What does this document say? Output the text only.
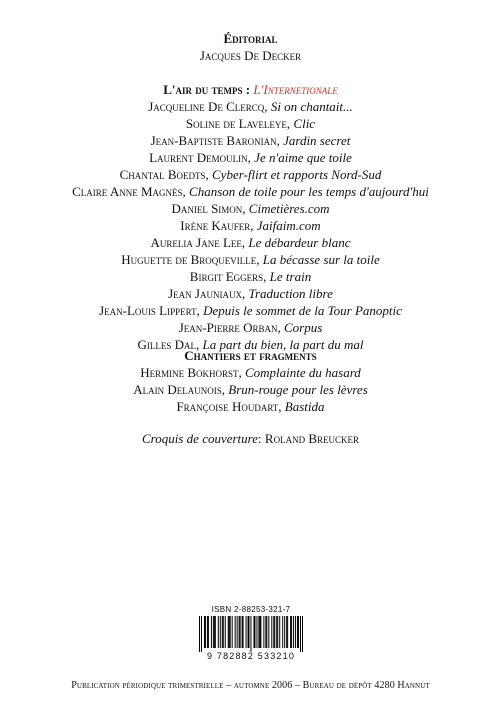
Éditorial
Jacques De Decker
L'air du temps : L'Internetionale
Jacqueline De Clercq, Si on chantait...
Soline de Laveleye, Clic
Jean-Baptiste Baronian, Jardin secret
Laurent Demoulin, Je n'aime que toile
Chantal Boedts, Cyber-flirt et rapports Nord-Sud
Claire Anne Magnès, Chanson de toile pour les temps d'aujourd'hui
Daniel Simon, Cimetières.com
Irène Kaufer, Jaifaim.com
Aurelia Jane Lee, Le débardeur blanc
Huguette de Broqueville, La bécasse sur la toile
Birgit Eggers, Le train
Jean Jauniaux, Traduction libre
Jean-Louis Lippert, Depuis le sommet de la Tour Panoptic
Jean-Pierre Orban, Corpus
Gilles Dal, La part du bien, la part du mal
Chantiers et fragments
Hermine Bokhorst, Complainte du hasard
Alain Delaunois, Brun-rouge pour les lèvres
Françoise Houdart, Bastida
Croquis de couverture: Roland Breucker
ISBN 2-88253-321-7
9 782882 533210
Publication périodique trimestrielle – automne 2006 – Bureau de dépôt 4280 Hannut
